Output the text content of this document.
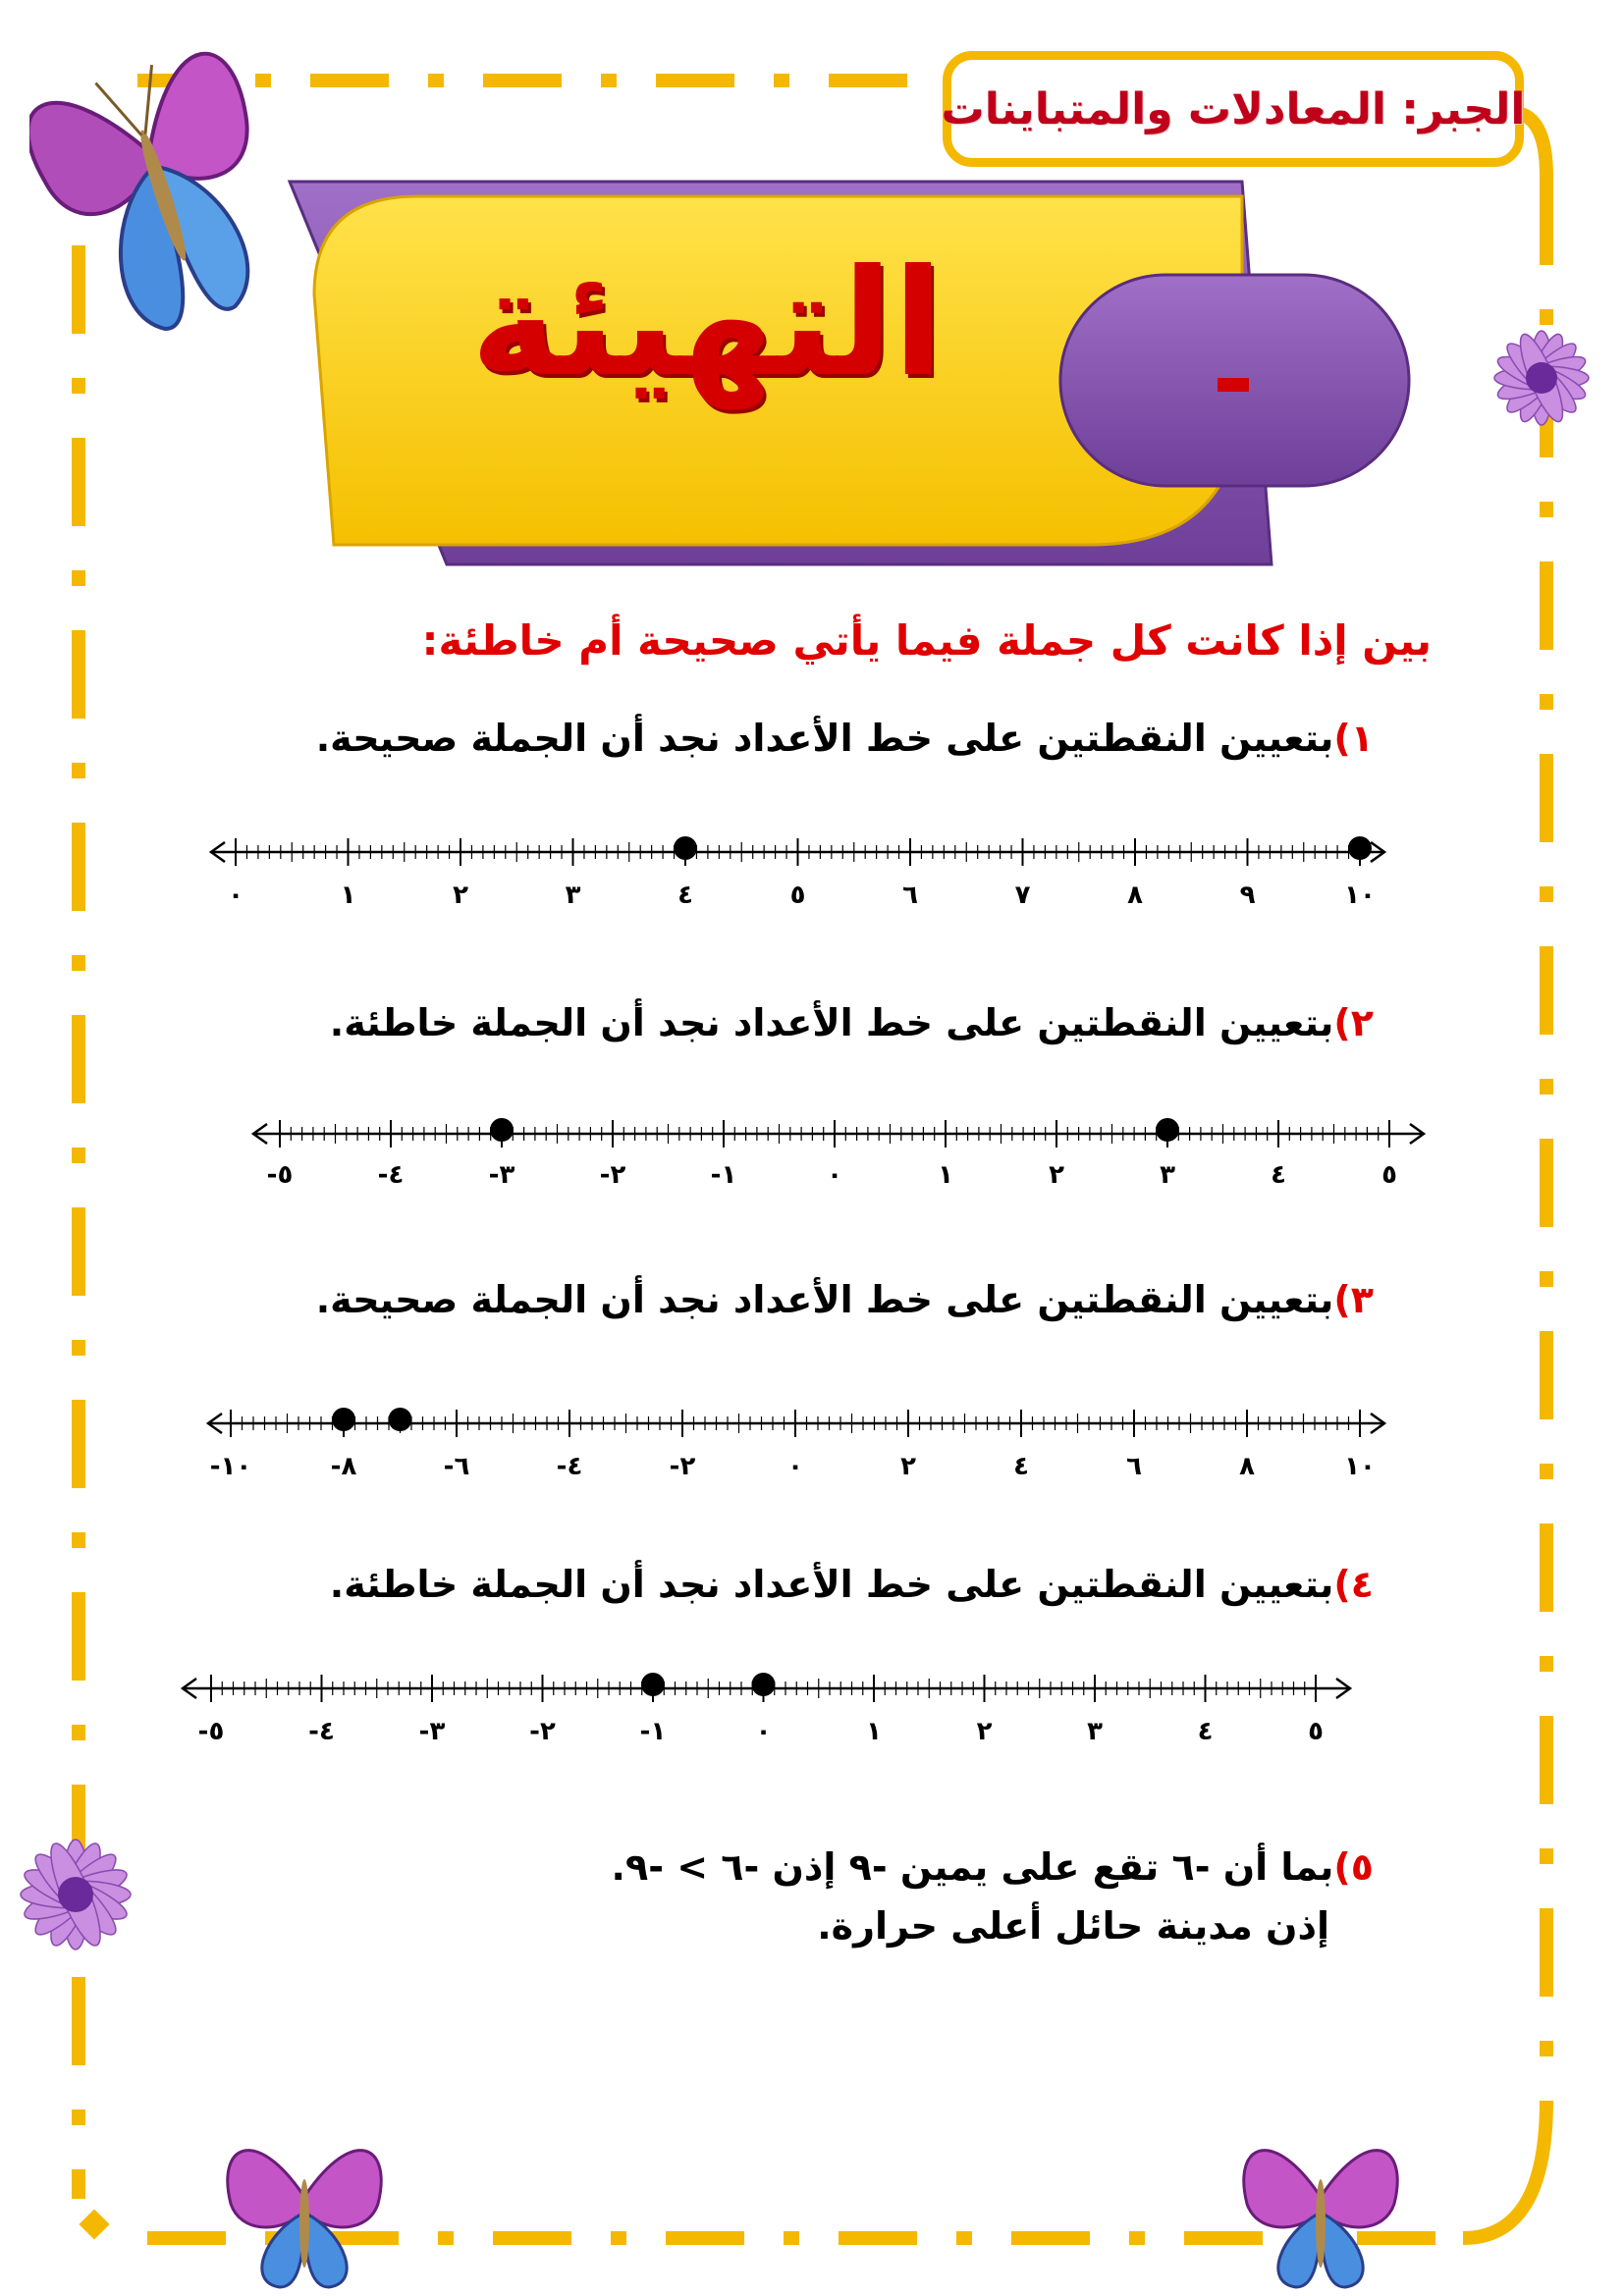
الجبر: المعادلات والمتباينات
التهيئة
بين إذا كانت كل جملة فيما يأتي صحيحة أم خاطئة:
١)بتعيين النقطتين على خط الأعداد نجد أن الجملة صحيحة.
٢)بتعيين النقطتين على خط الأعداد نجد أن الجملة خاطئة.
٣)بتعيين النقطتين على خط الأعداد نجد أن الجملة صحيحة.
٤)بتعيين النقطتين على خط الأعداد نجد أن الجملة خاطئة.
٥)بما أن -٦ تقع على يمين -٩ إذن -٦ > -٩.
إذن مدينة حائل أعلى حرارة.
٠	١	٢	٣	٤	٥	٦	٧	٨	٩	١٠
-٥	-٤	-٣	-٢	-١	٠	١	٢	٣	٤	٥
-١٠	-٨	-٦	-٤	-٢	٠	٢	٤	٦	٨	١٠
-٥	-٤	-٣	-٢	-١	٠	١	٢	٣	٤	٥
